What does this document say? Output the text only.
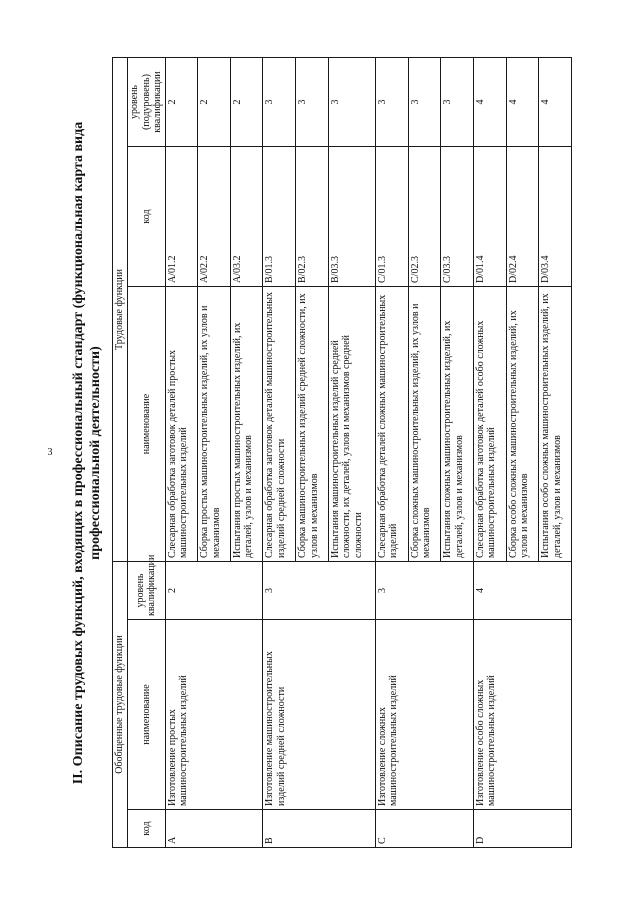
3 II. Описание трудовых функций, входящих в профессиональный стандарт (функциональная карта вида профессиональной деятельности)
Обобщенные трудовые функции			Трудовые функции		
код	наименование	уровень квалификации	наименование	код	уровень (подуровень) квалификации
A	Изготовление простых машиностроительных изделий	2	Слесарная обработка заготовок деталей простых машиностроительных изделий	A/01.2	2
			Сборка простых машиностроительных изделий, их узлов и механизмов	A/02.2	2
			Испытания простых машиностроительных изделий, их деталей, узлов и механизмов	A/03.2	2
B	Изготовление машиностроительных изделий средней сложности	3	Слесарная обработка заготовок деталей машиностроительных изделий средней сложности	B/01.3	3
			Сборка машиностроительных изделий средней сложности, их узлов и механизмов	B/02.3	3
			Испытания машиностроительных изделий средней сложности, их деталей, узлов и механизмов средней сложности	B/03.3	3
C	Изготовление сложных машиностроительных изделий	3	Слесарная обработка деталей сложных машиностроительных изделий	C/01.3	3
			Сборка сложных машиностроительных изделий, их узлов и механизмов	C/02.3	3
			Испытания сложных машиностроительных изделий, их деталей, узлов и механизмов	C/03.3	3
D	Изготовление особо сложных машиностроительных изделий	4	Слесарная обработка заготовок деталей особо сложных машиностроительных изделий	D/01.4	4
			Сборка особо сложных машиностроительных изделий, их узлов и механизмов	D/02.4	4
			Испытания особо сложных машиностроительных изделий, их деталей, узлов и механизмов	D/03.4	4
